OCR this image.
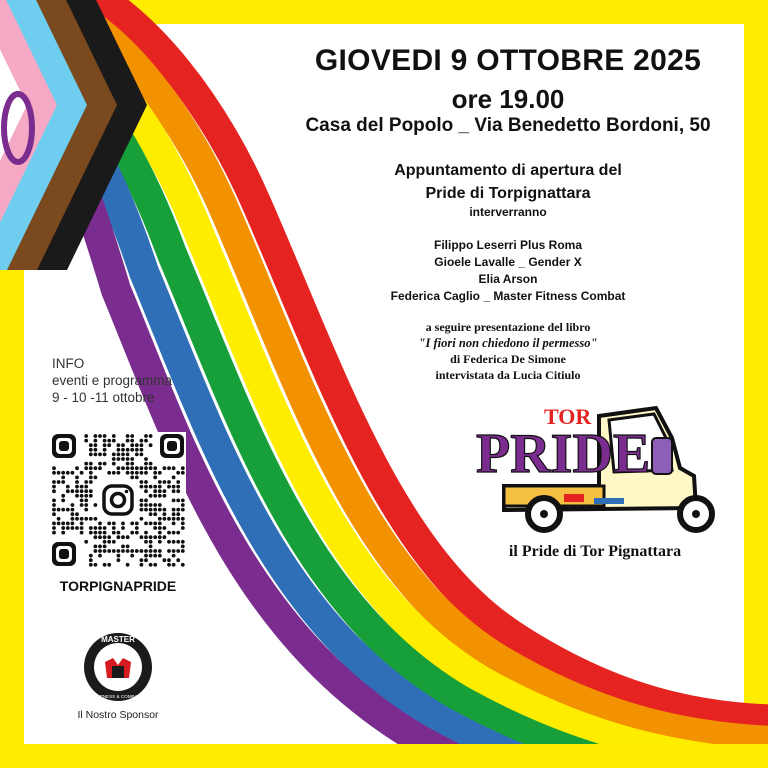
GIOVEDI 9 OTTOBRE 2025
ore 19.00
Casa del Popolo _ Via Benedetto Bordoni, 50
Appuntamento di apertura del
Pride di Torpignattara
interverranno
Filippo Leserri Plus Roma
Gioele Lavalle _ Gender X
Elia Arson
Federica Caglio _ Master Fitness Combat
a seguire presentazione del libro
"I fiori non chiedono il permesso"
di Federica De Simone
intervistata da Lucia Citiulo
INFO
eventi e programma
9 - 10 -11 ottobre
TORPIGNAPRIDE
MASTER
FITNESS & COMBAT
Il Nostro Sponsor
PRIDE
TOR
il Pride di Tor Pignattara
